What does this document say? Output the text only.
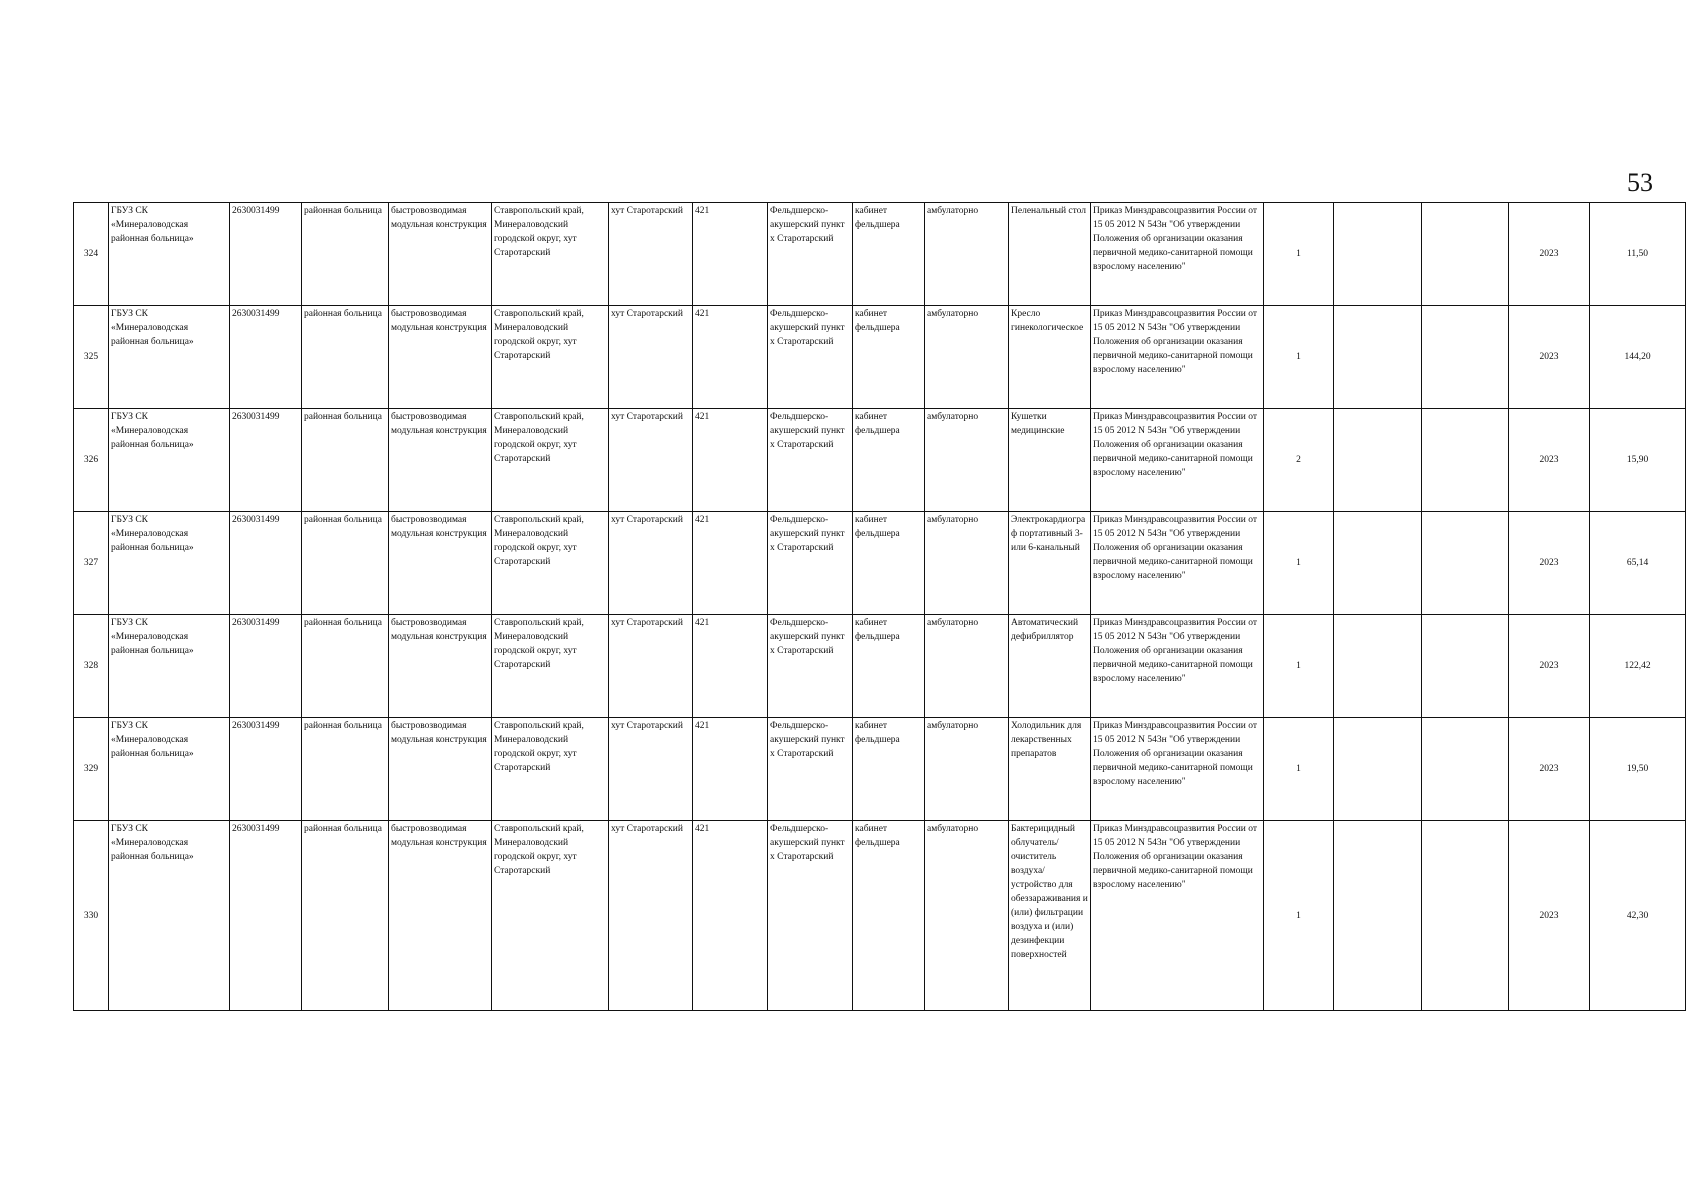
53
324	ГБУЗ СК «Минераловодская районная больница»	2630031499	районная больница	быстровозводимая модульная конструкция	Ставропольский край, Минераловодский городской округ, хут Старотарский	хут Старотарский	421	Фельдшерско-акушерский пункт х Старотарский	кабинет фельдшера	амбулаторно	Пеленальный стол	Приказ Минздравсоцразвития России от 15 05 2012 N 543н "Об утверждении Положения об организации оказания первичной медико-санитарной помощи взрослому населению"	1			2023	11,50
325	ГБУЗ СК «Минераловодская районная больница»	2630031499	районная больница	быстровозводимая модульная конструкция	Ставропольский край, Минераловодский городской округ, хут Старотарский	хут Старотарский	421	Фельдшерско-акушерский пункт х Старотарский	кабинет фельдшера	амбулаторно	Кресло гинекологическое	Приказ Минздравсоцразвития России от 15 05 2012 N 543н "Об утверждении Положения об организации оказания первичной медико-санитарной помощи взрослому населению"	1			2023	144,20
326	ГБУЗ СК «Минераловодская районная больница»	2630031499	районная больница	быстровозводимая модульная конструкция	Ставропольский край, Минераловодский городской округ, хут Старотарский	хут Старотарский	421	Фельдшерско-акушерский пункт х Старотарский	кабинет фельдшера	амбулаторно	Кушетки медицинские	Приказ Минздравсоцразвития России от 15 05 2012 N 543н "Об утверждении Положения об организации оказания первичной медико-санитарной помощи взрослому населению"	2			2023	15,90
327	ГБУЗ СК «Минераловодская районная больница»	2630031499	районная больница	быстровозводимая модульная конструкция	Ставропольский край, Минераловодский городской округ, хут Старотарский	хут Старотарский	421	Фельдшерско-акушерский пункт х Старотарский	кабинет фельдшера	амбулаторно	Электрокардиограф портативный 3- или 6-канальный	Приказ Минздравсоцразвития России от 15 05 2012 N 543н "Об утверждении Положения об организации оказания первичной медико-санитарной помощи взрослому населению"	1			2023	65,14
328	ГБУЗ СК «Минераловодская районная больница»	2630031499	районная больница	быстровозводимая модульная конструкция	Ставропольский край, Минераловодский городской округ, хут Старотарский	хут Старотарский	421	Фельдшерско-акушерский пункт х Старотарский	кабинет фельдшера	амбулаторно	Автоматический дефибриллятор	Приказ Минздравсоцразвития России от 15 05 2012 N 543н "Об утверждении Положения об организации оказания первичной медико-санитарной помощи взрослому населению"	1			2023	122,42
329	ГБУЗ СК «Минераловодская районная больница»	2630031499	районная больница	быстровозводимая модульная конструкция	Ставропольский край, Минераловодский городской округ, хут Старотарский	хут Старотарский	421	Фельдшерско-акушерский пункт х Старотарский	кабинет фельдшера	амбулаторно	Холодильник для лекарственных препаратов	Приказ Минздравсоцразвития России от 15 05 2012 N 543н "Об утверждении Положения об организации оказания первичной медико-санитарной помощи взрослому населению"	1			2023	19,50
330	ГБУЗ СК «Минераловодская районная больница»	2630031499	районная больница	быстровозводимая модульная конструкция	Ставропольский край, Минераловодский городской округ, хут Старотарский	хут Старотарский	421	Фельдшерско-акушерский пункт х Старотарский	кабинет фельдшера	амбулаторно	Бактерицидный облучатель/очиститель воздуха/устройство для обеззараживания и (или) фильтрации воздуха и (или) дезинфекции поверхностей	Приказ Минздравсоцразвития России от 15 05 2012 N 543н "Об утверждении Положения об организации оказания первичной медико-санитарной помощи взрослому населению"	1			2023	42,30
